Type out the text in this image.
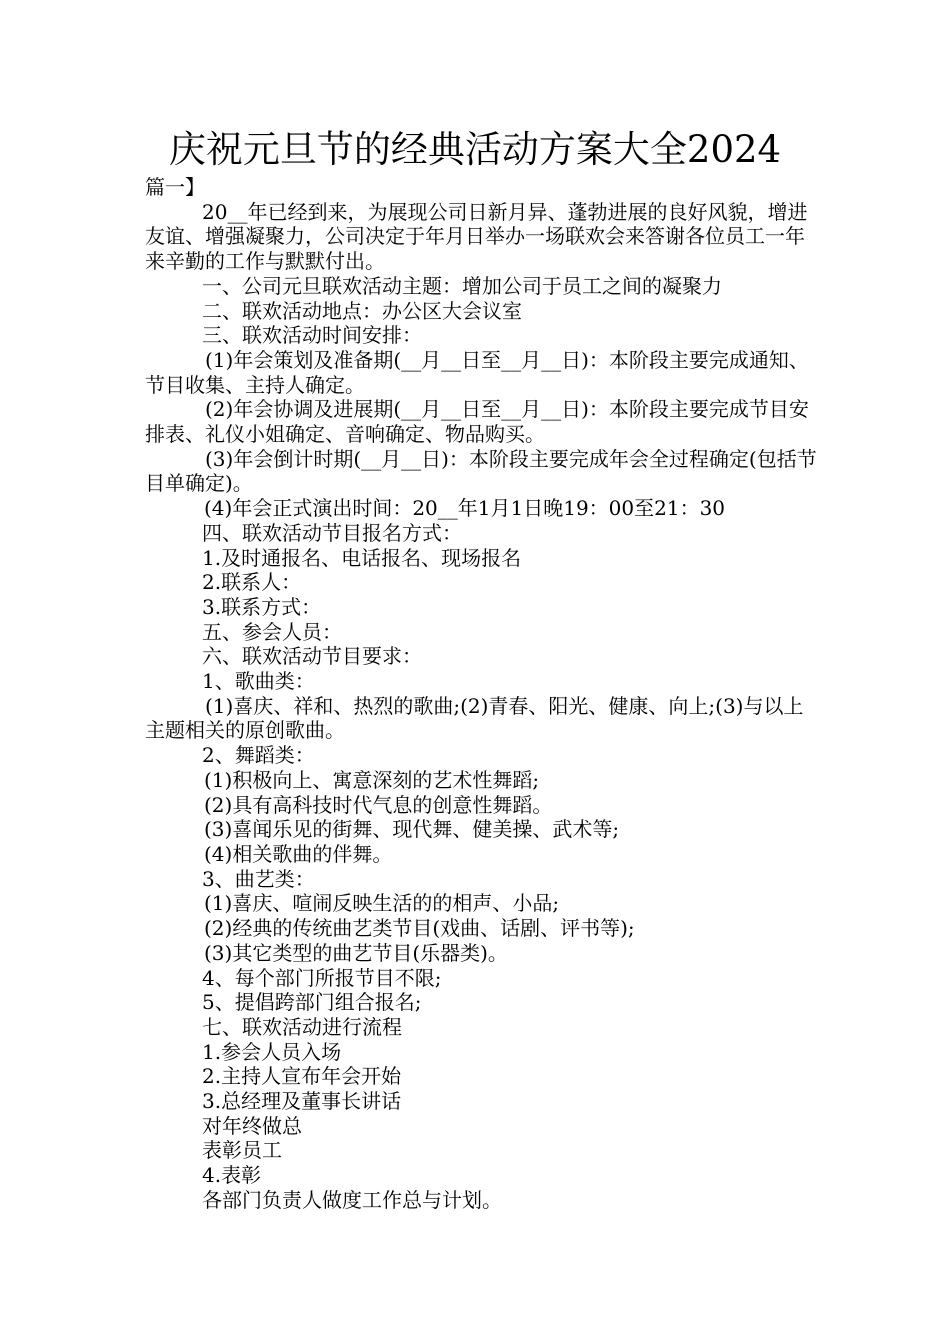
庆祝元旦节的经典活动方案大全2024

篇一】

20__年已经到来，为展现公司日新月异、蓬勃进展的良好风貌，增进友谊、增强凝聚力，公司决定于年月日举办一场联欢会来答谢各位员工一年来辛勤的工作与默默付出。

一、公司元旦联欢活动主题：增加公司于员工之间的凝聚力

二、联欢活动地点：办公区大会议室

三、联欢活动时间安排：

(1)年会策划及准备期(__月__日至__月__日)：本阶段主要完成通知、节目收集、主持人确定。

(2)年会协调及进展期(__月__日至__月__日)：本阶段主要完成节目安排表、礼仪小姐确定、音响确定、物品购买。

(3)年会倒计时期(__月__日)：本阶段主要完成年会全过程确定(包括节目单确定)。

(4)年会正式演出时间：20__年1月1日晚19：00至21：30

四、联欢活动节目报名方式：

1.及时通报名、电话报名、现场报名

2.联系人：

3.联系方式：

五、参会人员：

六、联欢活动节目要求：

1、歌曲类：

(1)喜庆、祥和、热烈的歌曲;(2)青春、阳光、健康、向上;(3)与以上主题相关的原创歌曲。

2、舞蹈类：

(1)积极向上、寓意深刻的艺术性舞蹈;

(2)具有高科技时代气息的创意性舞蹈。

(3)喜闻乐见的街舞、现代舞、健美操、武术等;

(4)相关歌曲的伴舞。

3、曲艺类：

(1)喜庆、喧闹反映生活的的相声、小品;

(2)经典的传统曲艺类节目(戏曲、话剧、评书等);

(3)其它类型的曲艺节目(乐器类)。

4、每个部门所报节目不限;

5、提倡跨部门组合报名;

七、联欢活动进行流程

1.参会人员入场

2.主持人宣布年会开始

3.总经理及董事长讲话

对年终做总

表彰员工

4.表彰

各部门负责人做度工作总与计划。
